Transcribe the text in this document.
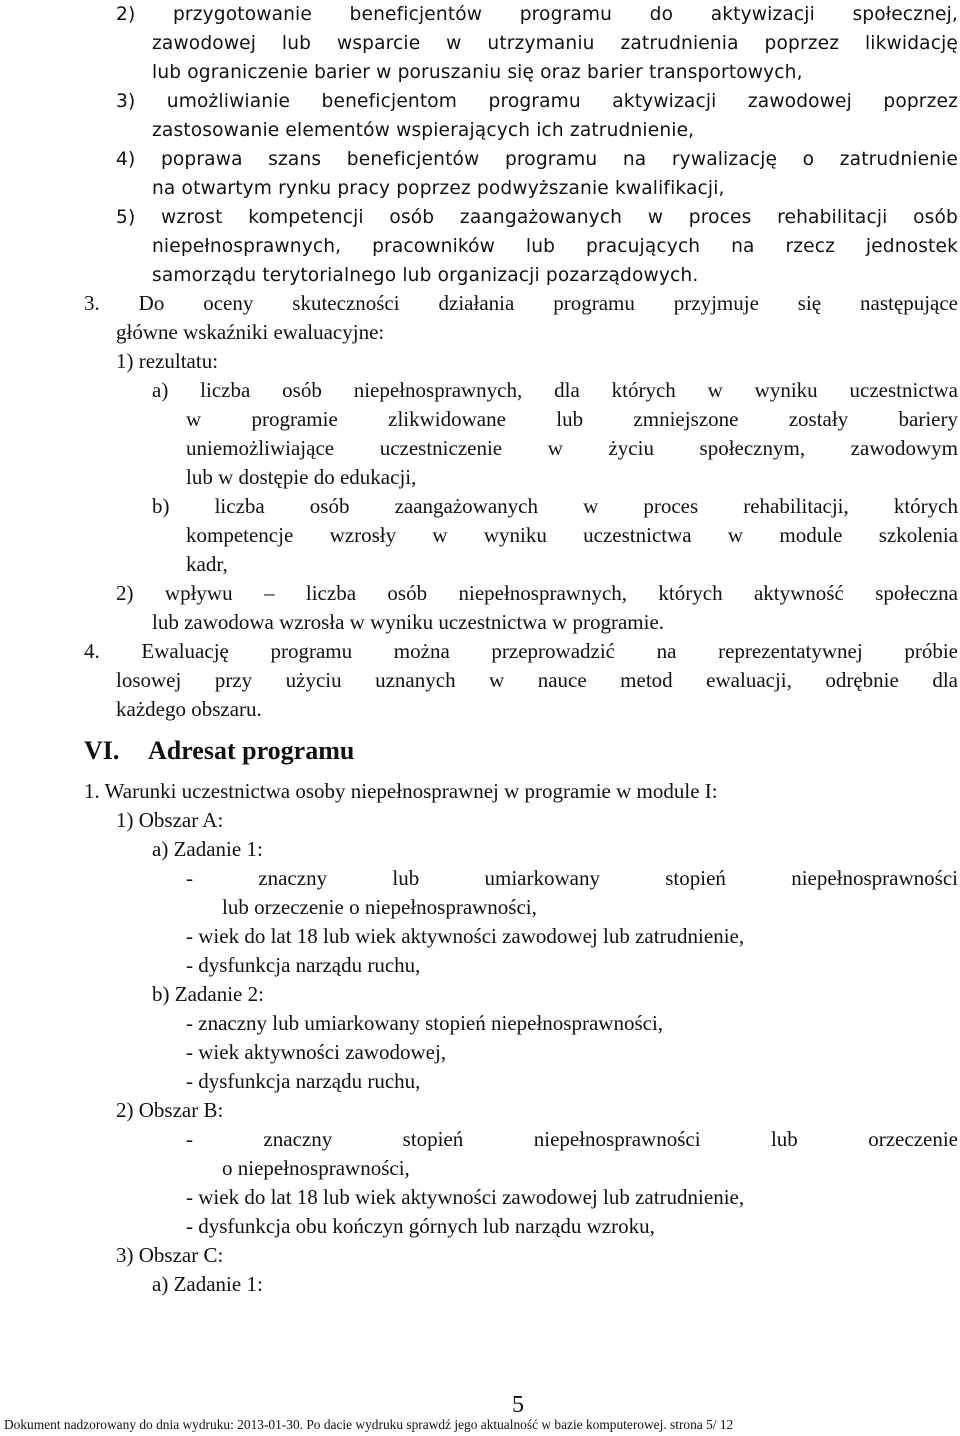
2) przygotowanie beneficjentów programu do aktywizacji społecznej,
zawodowej lub wsparcie w utrzymaniu zatrudnienia poprzez likwidację
lub ograniczenie barier w poruszaniu się oraz barier transportowych,
3) umożliwianie beneficjentom programu aktywizacji zawodowej poprzez
zastosowanie elementów wspierających ich zatrudnienie,
4) poprawa szans beneficjentów programu na rywalizację o zatrudnienie
na otwartym rynku pracy poprzez podwyższanie kwalifikacji,
5) wzrost kompetencji osób zaangażowanych w proces rehabilitacji osób
niepełnosprawnych, pracowników lub pracujących na rzecz jednostek
samorządu terytorialnego lub organizacji pozarządowych.
3. Do oceny skuteczności działania programu przyjmuje się następujące
główne wskaźniki ewaluacyjne:
1) rezultatu:
a) liczba osób niepełnosprawnych, dla których w wyniku uczestnictwa
w programie zlikwidowane lub zmniejszone zostały bariery
uniemożliwiające uczestniczenie w życiu społecznym, zawodowym
lub w dostępie do edukacji,
b) liczba osób zaangażowanych w proces rehabilitacji, których
kompetencje wzrosły w wyniku uczestnictwa w module szkolenia
kadr,
2) wpływu – liczba osób niepełnosprawnych, których aktywność społeczna
lub zawodowa wzrosła w wyniku uczestnictwa w programie.
4. Ewaluację programu można przeprowadzić na reprezentatywnej próbie
losowej przy użyciu uznanych w nauce metod ewaluacji, odrębnie dla
każdego obszaru.
VI. Adresat programu
1. Warunki uczestnictwa osoby niepełnosprawnej w programie w module I:
1) Obszar A:
a) Zadanie 1:
- znaczny lub umiarkowany stopień niepełnosprawności
lub orzeczenie o niepełnosprawności,
- wiek do lat 18 lub wiek aktywności zawodowej lub zatrudnienie,
- dysfunkcja narządu ruchu,
b) Zadanie 2:
- znaczny lub umiarkowany stopień niepełnosprawności,
- wiek aktywności zawodowej,
- dysfunkcja narządu ruchu,
2) Obszar B:
- znaczny stopień niepełnosprawności lub orzeczenie
o niepełnosprawności,
- wiek do lat 18 lub wiek aktywności zawodowej lub zatrudnienie,
- dysfunkcja obu kończyn górnych lub narządu wzroku,
3) Obszar C:
a) Zadanie 1:
5
Dokument nadzorowany do dnia wydruku: 2013-01-30. Po dacie wydruku sprawdź jego aktualność w bazie komputerowej. strona 5/ 12
